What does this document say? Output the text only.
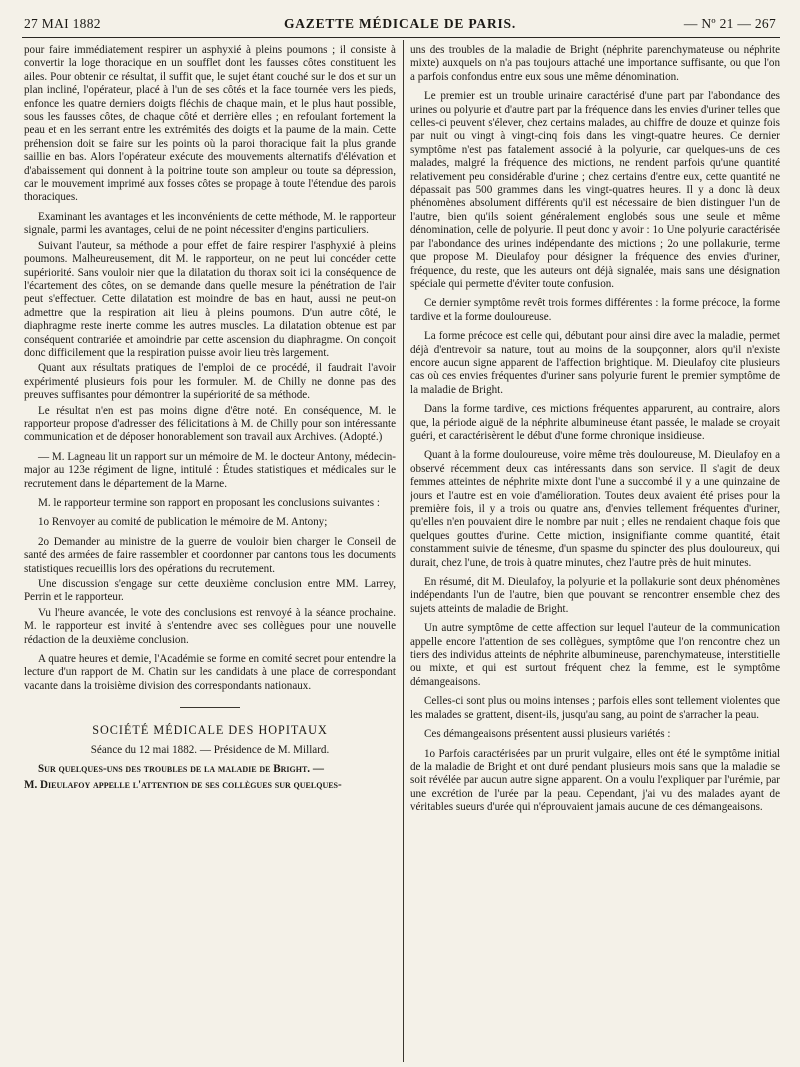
27 MAI 1882	GAZETTE MÉDICALE DE PARIS.	— Nº 21 — 267

pour faire immédiatement respirer un asphyxié à pleins poumons ; il consiste à convertir la loge thoracique en un soufflet dont les fausses côtes constituent les ailes. Pour obtenir ce résultat, il suffit que, le sujet étant couché sur le dos et sur un plan incliné, l'opérateur, placé à l'un de ses côtés et la face tournée vers les pieds, enfonce les quatre derniers doigts fléchis de chaque main, et le plus haut possible, sous les fausses côtes, de chaque côté et derrière elles ; en refoulant fortement la peau et en les serrant entre les extrémités des doigts et la paume de la main. Cette préhension doit se faire sur les points où la paroi thoracique fait la plus grande saillie en bas. Alors l'opérateur exécute des mouvements alternatifs d'élévation et d'abaissement qui donnent à la poitrine toute son ampleur ou toute sa dépression, car le mouvement imprimé aux fosses côtes se propage à toute l'étendue des parois thoraciques.

Examinant les avantages et les inconvénients de cette méthode, M. le rapporteur signale, parmi les avantages, celui de ne point nécessiter d'engins particuliers.

Suivant l'auteur, sa méthode a pour effet de faire respirer l'asphyxié à pleins poumons. Malheureusement, dit M. le rapporteur, on ne peut lui concéder cette supériorité. Sans vouloir nier que la dilatation du thorax soit ici la conséquence de l'écartement des côtes, on se demande dans quelle mesure la pénétration de l'air peut s'effectuer. Cette dilatation est moindre de bas en haut, aussi ne peut-on admettre que la respiration ait lieu à pleins poumons. D'un autre côté, le diaphragme reste inerte comme les autres muscles. La dilatation obtenue est par conséquent contrariée et amoindrie par cette ascension du diaphragme. On conçoit donc difficilement que la respiration puisse avoir lieu très largement.

Quant aux résultats pratiques de l'emploi de ce procédé, il faudrait l'avoir expérimenté plusieurs fois pour les formuler. M. de Chilly ne donne pas des preuves suffisantes pour démontrer la supériorité de sa méthode.

Le résultat n'en est pas moins digne d'être noté. En conséquence, M. le rapporteur propose d'adresser des félicitations à M. de Chilly pour son intéressante communication et de déposer honorablement son travail aux Archives. (Adopté.)

— M. Lagneau lit un rapport sur un mémoire de M. le docteur Antony, médecin-major au 123e régiment de ligne, intitulé : Études statistiques et médicales sur le recrutement dans le département de la Marne.

M. le rapporteur termine son rapport en proposant les conclusions suivantes :

1o Renvoyer au comité de publication le mémoire de M. Antony;

2o Demander au ministre de la guerre de vouloir bien charger le Conseil de santé des armées de faire rassembler et coordonner par cantons tous les documents statistiques recueillis lors des opérations du recrutement.

Une discussion s'engage sur cette deuxième conclusion entre MM. Larrey, Perrin et le rapporteur.

Vu l'heure avancée, le vote des conclusions est renvoyé à la séance prochaine. M. le rapporteur est invité à s'entendre avec ses collègues pour une nouvelle rédaction de la deuxième conclusion.

A quatre heures et demie, l'Académie se forme en comité secret pour entendre la lecture d'un rapport de M. Chatin sur les candidats à une place de correspondant vacante dans la troisième division des correspondants nationaux.

SOCIÉTÉ MÉDICALE DES HOPITAUX

Séance du 12 mai 1882. — Présidence de M. Millard.

Sur quelques-uns des troubles de la maladie de Bright. —

M. Dieulafoy appelle l'attention de ses collègues sur quelques-

uns des troubles de la maladie de Bright (néphrite parenchymateuse ou néphrite mixte) auxquels on n'a pas toujours attaché une importance suffisante, ou que l'on a parfois confondus entre eux sous une même dénomination.

Le premier est un trouble urinaire caractérisé d'une part par l'abondance des urines ou polyurie et d'autre part par la fréquence dans les envies d'uriner telles que celles-ci peuvent s'élever, chez certains malades, au chiffre de douze et quinze fois par nuit ou vingt à vingt-cinq fois dans les vingt-quatre heures. Ce dernier symptôme n'est pas fatalement associé à la polyurie, car quelques-uns de ces malades, malgré la fréquence des mictions, ne rendent parfois qu'une quantité relativement peu considérable d'urine ; chez certains d'entre eux, cette quantité ne dépassait pas 500 grammes dans les vingt-quatres heures. Il y a donc là deux phénomènes absolument différents qu'il est nécessaire de bien distinguer l'un de l'autre, bien qu'ils soient généralement englobés sous une seule et même dénomination, celle de polyurie. Il peut donc y avoir : 1o Une polyurie caractérisée par l'abondance des urines indépendante des mictions ; 2o une pollakurie, terme que propose M. Dieulafoy pour désigner la fréquence des envies d'uriner, fréquence, du reste, que les auteurs ont déjà signalée, mais sans une désignation spéciale qui permette d'éviter toute confusion.

Ce dernier symptôme revêt trois formes différentes : la forme précoce, la forme tardive et la forme douloureuse.

La forme précoce est celle qui, débutant pour ainsi dire avec la maladie, permet déjà d'entrevoir sa nature, tout au moins de la soupçonner, alors qu'il n'existe encore aucun signe apparent de l'affection brightique. M. Dieulafoy cite plusieurs cas où ces envies fréquentes d'uriner sans polyurie furent le premier symptôme de la maladie de Bright.

Dans la forme tardive, ces mictions fréquentes apparurent, au contraire, alors que, la période aiguë de la néphrite albumineuse étant passée, le malade se croyait guéri, et caractérisèrent le début d'une forme chronique insidieuse.

Quant à la forme douloureuse, voire même très douloureuse, M. Dieulafoy en a observé récemment deux cas intéressants dans son service. Il s'agit de deux femmes atteintes de néphrite mixte dont l'une a succombé il y a une quinzaine de jours et l'autre est en voie d'amélioration. Toutes deux avaient été prises pour la première fois, il y a trois ou quatre ans, d'envies tellement fréquentes d'uriner, qu'elles n'en pouvaient dire le nombre par nuit ; elles ne rendaient chaque fois que quelques gouttes d'urine. Cette miction, insignifiante comme quantité, était constamment suivie de ténesme, d'un spasme du spincter des plus douloureux, qui durait, chez l'une, de trois à quatre minutes, chez l'autre près de huit minutes.

En résumé, dit M. Dieulafoy, la polyurie et la pollakurie sont deux phénomènes indépendants l'un de l'autre, bien que pouvant se rencontrer ensemble chez des sujets atteints de maladie de Bright.

Un autre symptôme de cette affection sur lequel l'auteur de la communication appelle encore l'attention de ses collègues, symptôme que l'on rencontre chez un tiers des individus atteints de néphrite albumineuse, parenchymateuse, interstitielle ou mixte, et qui est surtout fréquent chez la femme, est le symptôme démangeaisons.

Celles-ci sont plus ou moins intenses ; parfois elles sont tellement violentes que les malades se grattent, disent-ils, jusqu'au sang, au point de s'arracher la peau.

Ces démangeaisons présentent aussi plusieurs variétés :

1o Parfois caractérisées par un prurit vulgaire, elles ont été le symptôme initial de la maladie de Bright et ont duré pendant plusieurs mois sans que la maladie se soit révélée par aucun autre signe apparent. On a voulu l'expliquer par l'urémie, par une excrétion de l'urée par la peau. Cependant, j'ai vu des malades ayant de véritables sueurs d'urée qui n'éprouvaient jamais aucune de ces démangeaisons.
